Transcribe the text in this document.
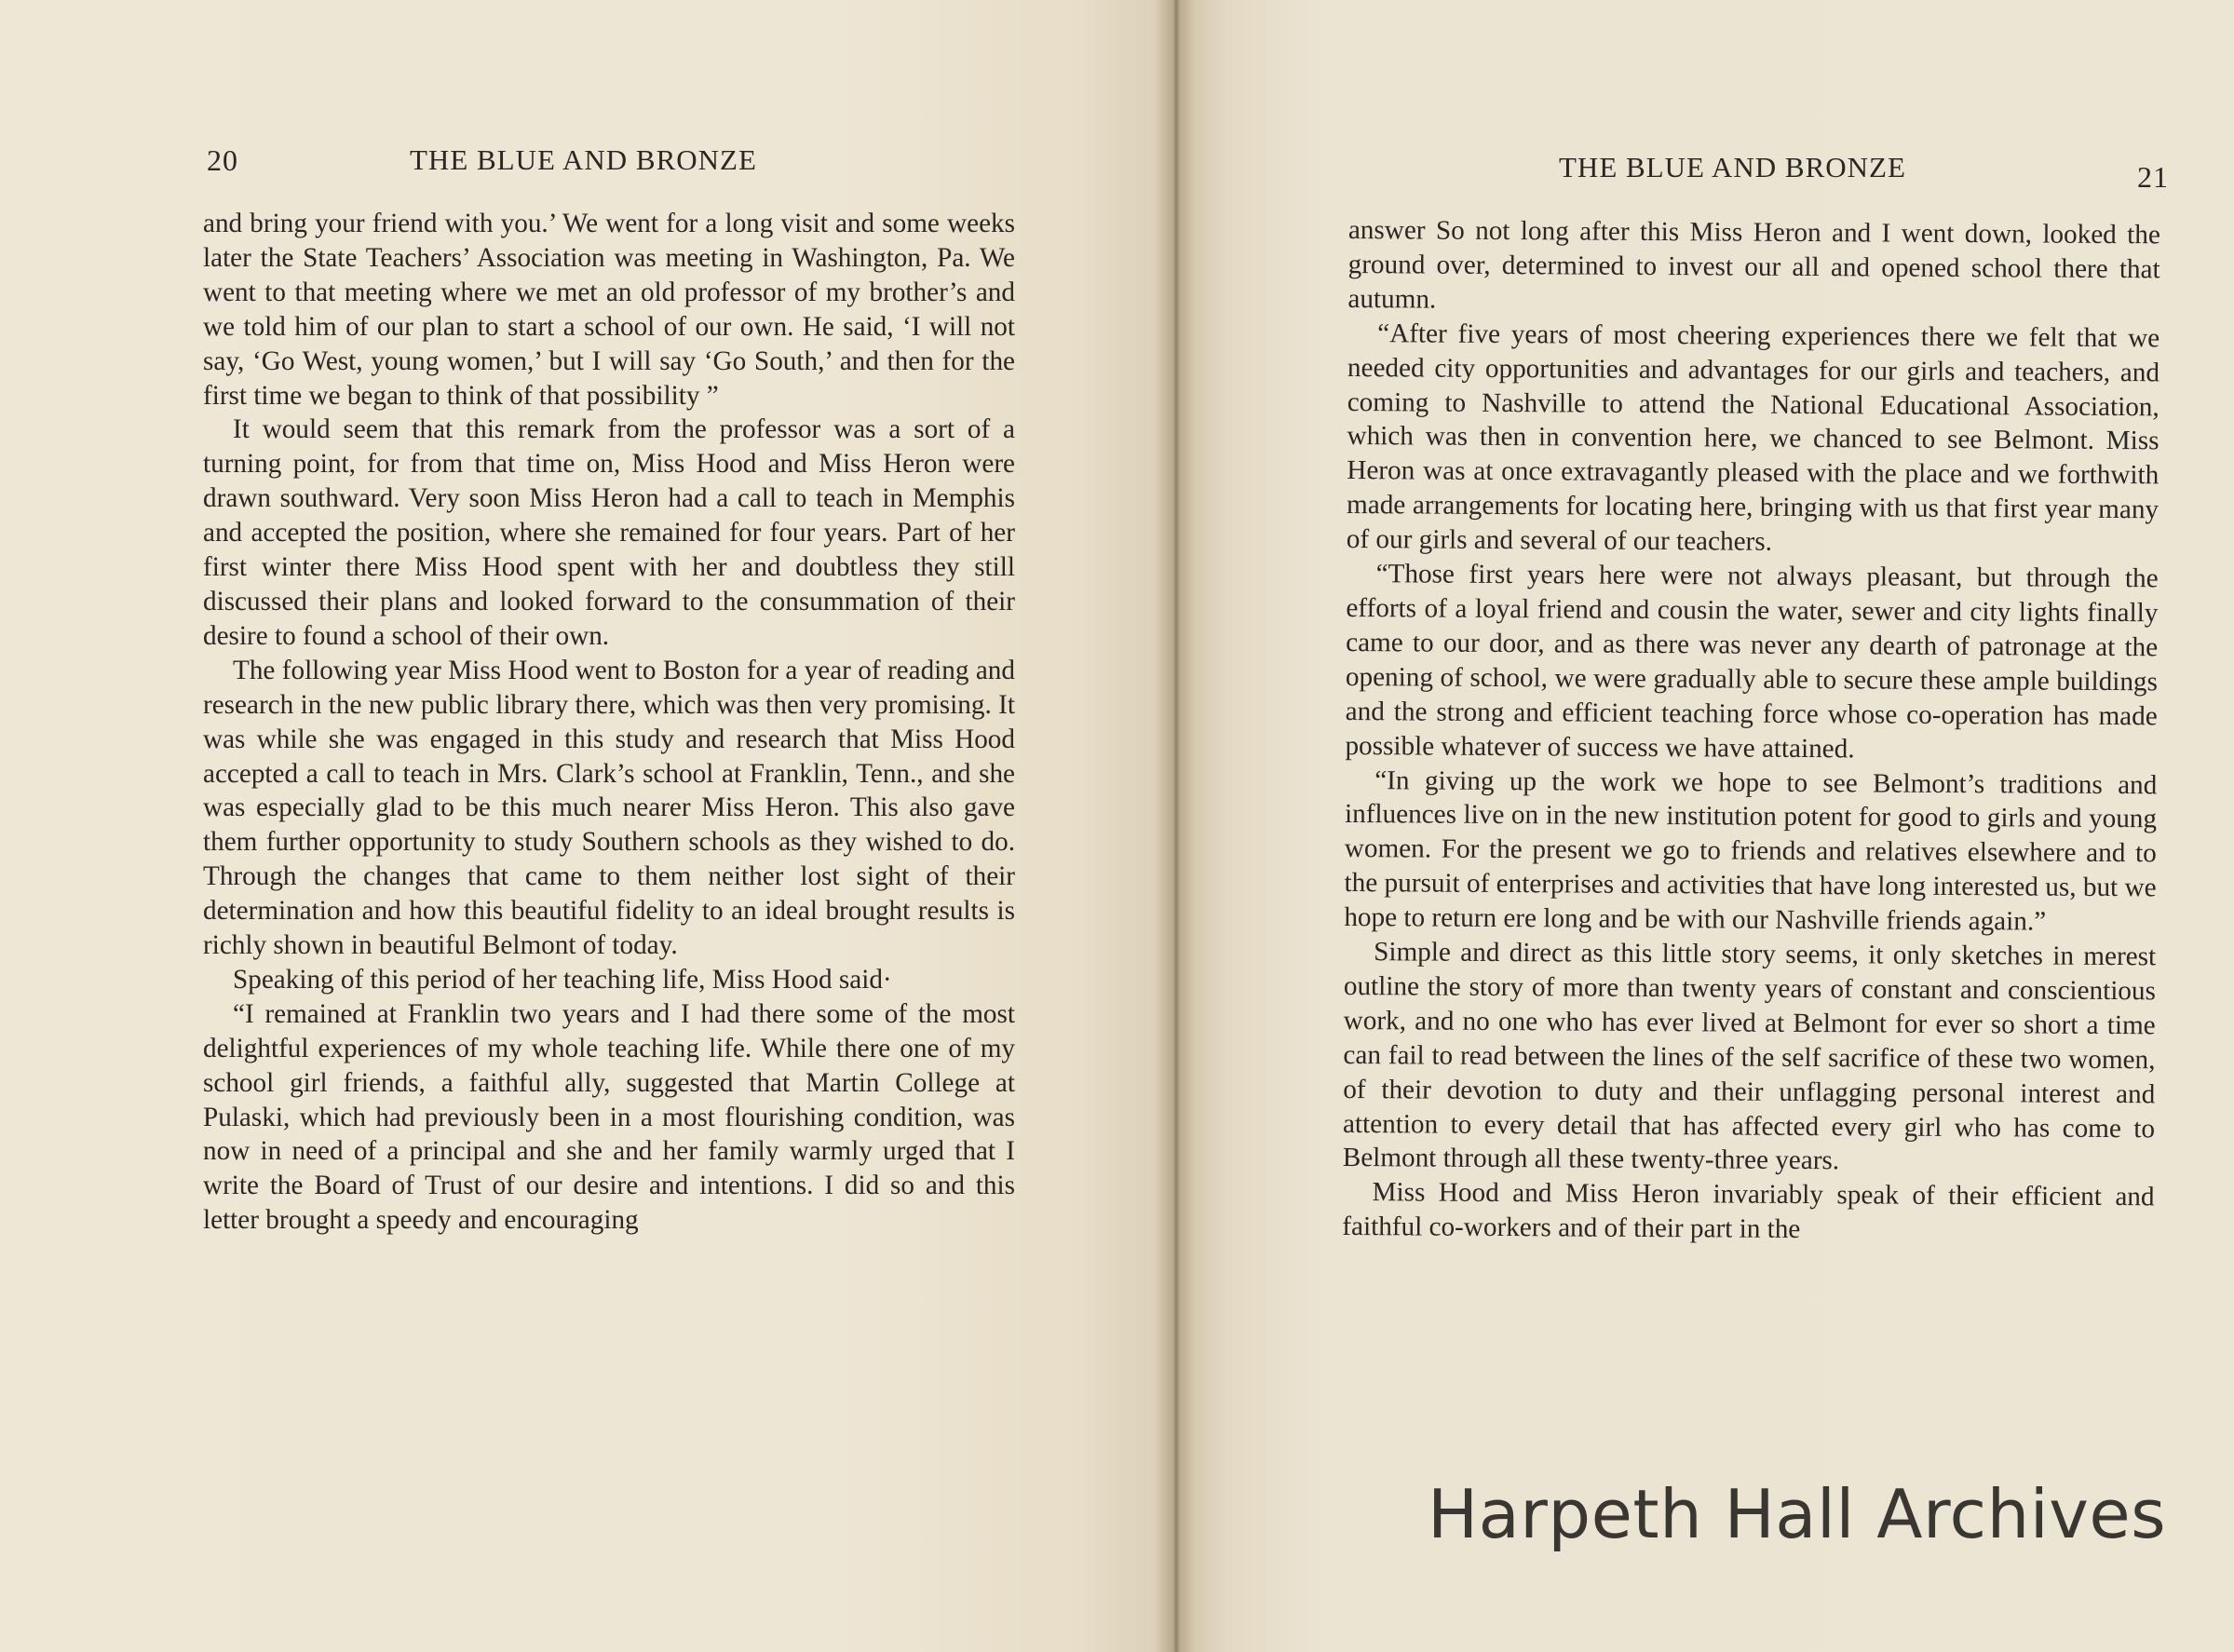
20	THE BLUE AND BRONZE

and bring your friend with you.’ We went for a long visit and some weeks later the State Teachers’ Association was meeting in Washington, Pa. We went to that meeting where we met an old professor of my brother’s and we told him of our plan to start a school of our own. He said, ‘I will not say, ‘Go West, young women,’ but I will say ‘Go South,’ and then for the first time we began to think of that possibility ”

It would seem that this remark from the professor was a sort of a turning point, for from that time on, Miss Hood and Miss Heron were drawn southward. Very soon Miss Heron had a call to teach in Memphis and accepted the position, where she remained for four years. Part of her first winter there Miss Hood spent with her and doubtless they still discussed their plans and looked forward to the consummation of their desire to found a school of their own.

The following year Miss Hood went to Boston for a year of reading and research in the new public library there, which was then very promising. It was while she was engaged in this study and research that Miss Hood accepted a call to teach in Mrs. Clark’s school at Franklin, Tenn., and she was especially glad to be this much nearer Miss Heron. This also gave them further opportunity to study Southern schools as they wished to do. Through the changes that came to them neither lost sight of their determination and how this beautiful fidelity to an ideal brought results is richly shown in beautiful Belmont of today.

Speaking of this period of her teaching life, Miss Hood said·

“I remained at Franklin two years and I had there some of the most delightful experiences of my whole teaching life. While there one of my school girl friends, a faithful ally, suggested that Martin College at Pulaski, which had previously been in a most flourishing condition, was now in need of a principal and she and her family warmly urged that I write the Board of Trust of our desire and intentions. I did so and this letter brought a speedy and encouraging

THE BLUE AND BRONZE	21

answer So not long after this Miss Heron and I went down, looked the ground over, determined to invest our all and opened school there that autumn.

“After five years of most cheering experiences there we felt that we needed city opportunities and advantages for our girls and teachers, and coming to Nashville to attend the National Educational Association, which was then in convention here, we chanced to see Belmont. Miss Heron was at once extravagantly pleased with the place and we forthwith made arrangements for locating here, bringing with us that first year many of our girls and several of our teachers.

“Those first years here were not always pleasant, but through the efforts of a loyal friend and cousin the water, sewer and city lights finally came to our door, and as there was never any dearth of patronage at the opening of school, we were gradually able to secure these ample buildings and the strong and efficient teaching force whose co-operation has made possible whatever of success we have attained.

“In giving up the work we hope to see Belmont’s traditions and influences live on in the new institution potent for good to girls and young women. For the present we go to friends and relatives elsewhere and to the pursuit of enterprises and activities that have long interested us, but we hope to return ere long and be with our Nashville friends again.”

Simple and direct as this little story seems, it only sketches in merest outline the story of more than twenty years of constant and conscientious work, and no one who has ever lived at Belmont for ever so short a time can fail to read between the lines of the self sacrifice of these two women, of their devotion to duty and their unflagging personal interest and attention to every detail that has affected every girl who has come to Belmont through all these twenty-three years.

Miss Hood and Miss Heron invariably speak of their efficient and faithful co-workers and of their part in the

Harpeth Hall Archives
